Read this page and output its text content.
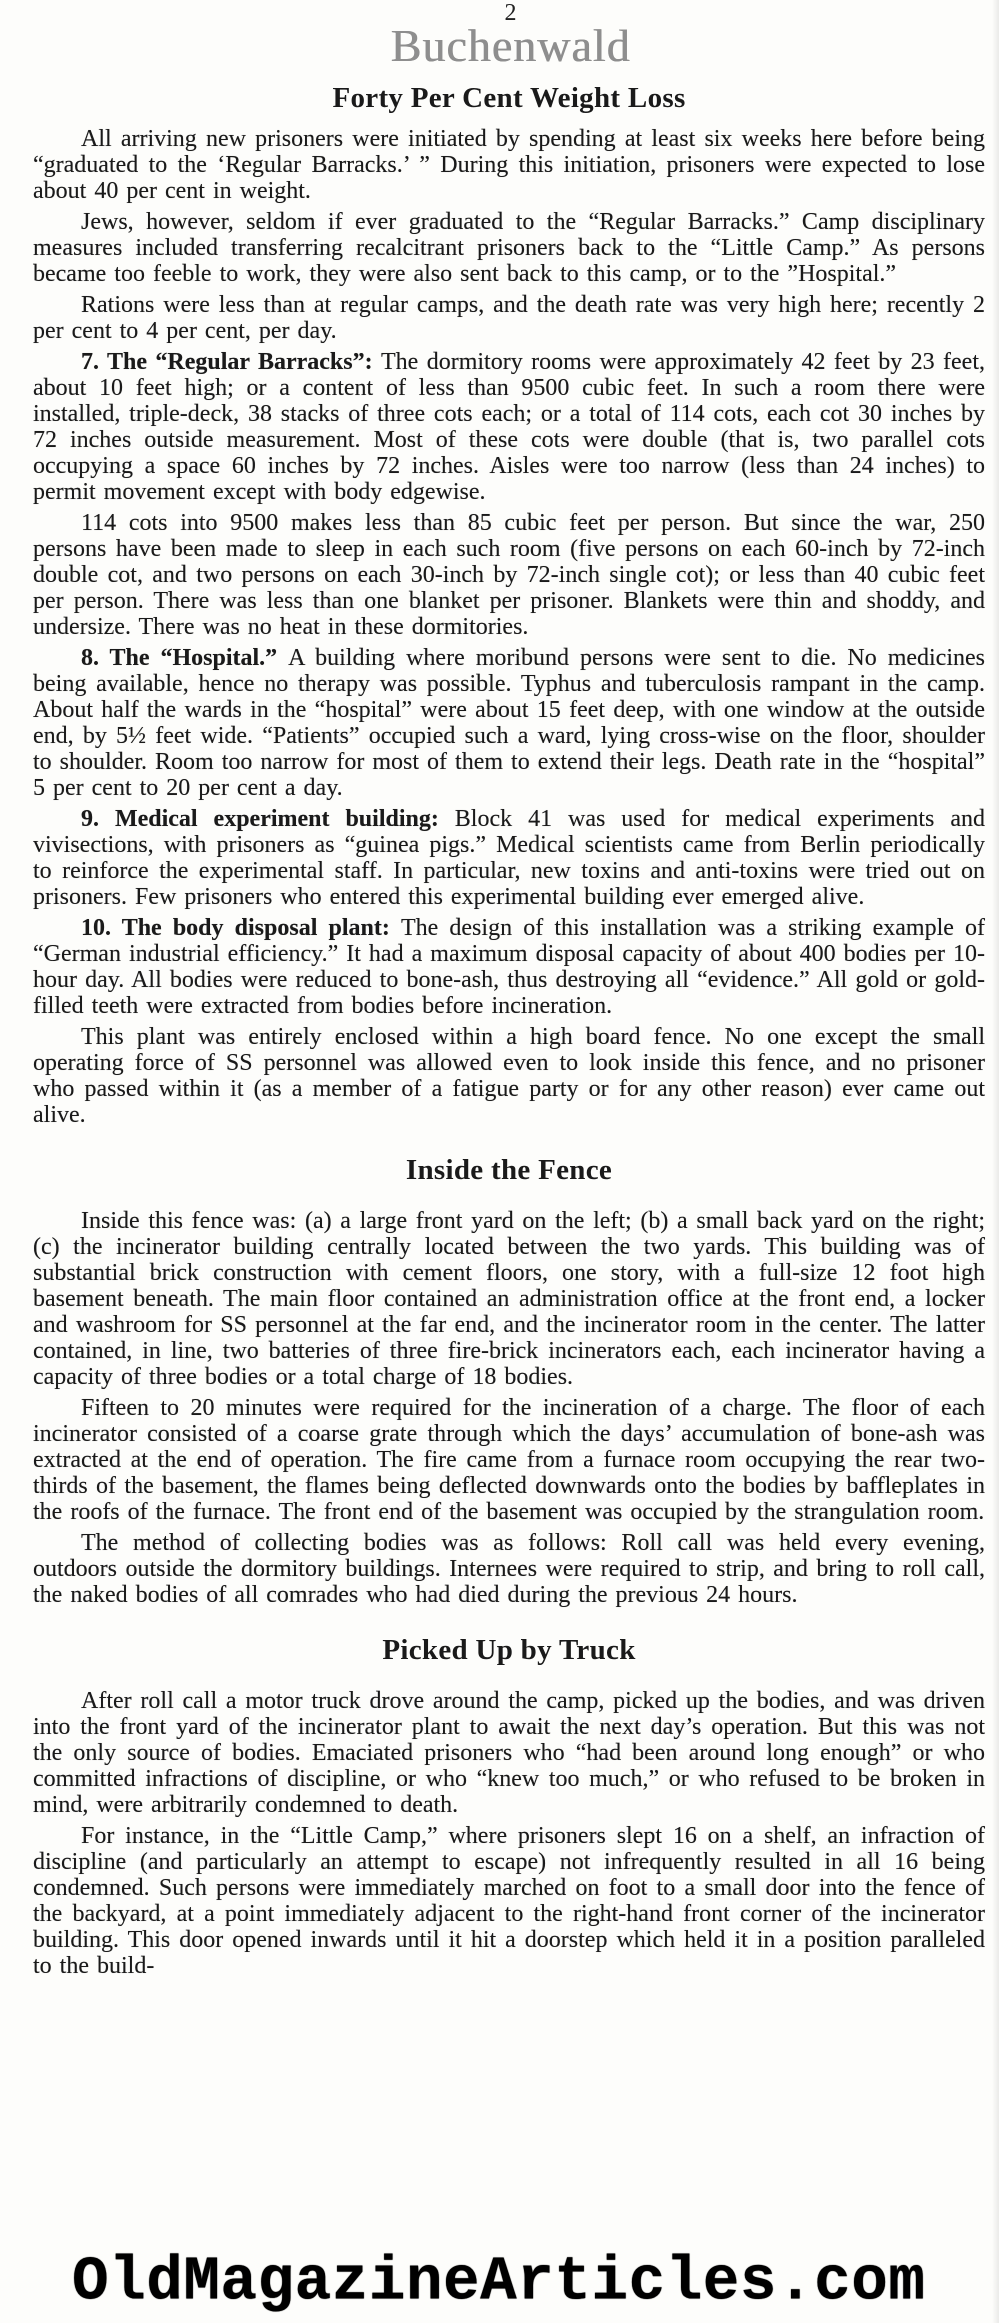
2
Buchenwald
Forty Per Cent Weight Loss

All arriving new prisoners were initiated by spending at least six weeks here before being “graduated to the ‘Regular Barracks.’ ” During this initiation, prisoners were expected to lose about 40 per cent in weight.

Jews, however, seldom if ever graduated to the “Regular Barracks.” Camp disciplinary measures included transferring recalcitrant prisoners back to the “Little Camp.” As persons became too feeble to work, they were also sent back to this camp, or to the ”Hospital.”

Rations were less than at regular camps, and the death rate was very high here; recently 2 per cent to 4 per cent, per day.

7. The “Regular Barracks”: The dormitory rooms were approximately 42 feet by 23 feet, about 10 feet high; or a content of less than 9500 cubic feet. In such a room there were installed, triple-deck, 38 stacks of three cots each; or a total of 114 cots, each cot 30 inches by 72 inches outside measurement. Most of these cots were double (that is, two parallel cots occupying a space 60 inches by 72 inches. Aisles were too narrow (less than 24 inches) to permit movement except with body edgewise.

114 cots into 9500 makes less than 85 cubic feet per person. But since the war, 250 persons have been made to sleep in each such room (five persons on each 60-inch by 72-inch double cot, and two persons on each 30-inch by 72-inch single cot); or less than 40 cubic feet per person. There was less than one blanket per prisoner. Blankets were thin and shoddy, and undersize. There was no heat in these dormitories.

8. The “Hospital.” A building where moribund persons were sent to die. No medicines being available, hence no therapy was possible. Typhus and tuberculosis rampant in the camp. About half the wards in the “hospital” were about 15 feet deep, with one window at the outside end, by 5½ feet wide. “Patients” occupied such a ward, lying cross-wise on the floor, shoulder to shoulder. Room too narrow for most of them to extend their legs. Death rate in the “hospital” 5 per cent to 20 per cent a day.

9. Medical experiment building: Block 41 was used for medical experiments and vivisections, with prisoners as “guinea pigs.” Medical scientists came from Berlin periodically to reinforce the experimental staff. In particular, new toxins and anti-toxins were tried out on prisoners. Few prisoners who entered this experimental building ever emerged alive.

10. The body disposal plant: The design of this installation was a striking example of “German industrial efficiency.” It had a maximum disposal capacity of about 400 bodies per 10-hour day. All bodies were reduced to bone-ash, thus destroying all “evidence.” All gold or gold-filled teeth were extracted from bodies before incineration.

This plant was entirely enclosed within a high board fence. No one except the small operating force of SS personnel was allowed even to look inside this fence, and no prisoner who passed within it (as a member of a fatigue party or for any other reason) ever came out alive.

Inside the Fence

Inside this fence was: (a) a large front yard on the left; (b) a small back yard on the right; (c) the incinerator building centrally located between the two yards. This building was of substantial brick construction with cement floors, one story, with a full-size 12 foot high basement beneath. The main floor contained an administration office at the front end, a locker and washroom for SS personnel at the far end, and the incinerator room in the center. The latter contained, in line, two batteries of three fire-brick incinerators each, each incinerator having a capacity of three bodies or a total charge of 18 bodies.

Fifteen to 20 minutes were required for the incineration of a charge. The floor of each incinerator consisted of a coarse grate through which the days’ accumulation of bone-ash was extracted at the end of operation. The fire came from a furnace room occupying the rear two-thirds of the basement, the flames being deflected downwards onto the bodies by baffleplates in the roofs of the furnace. The front end of the basement was occupied by the strangulation room.

The method of collecting bodies was as follows: Roll call was held every evening, outdoors outside the dormitory buildings. Internees were required to strip, and bring to roll call, the naked bodies of all comrades who had died during the previous 24 hours.

Picked Up by Truck

After roll call a motor truck drove around the camp, picked up the bodies, and was driven into the front yard of the incinerator plant to await the next day’s operation. But this was not the only source of bodies. Emaciated prisoners who “had been around long enough” or who committed infractions of discipline, or who “knew too much,” or who refused to be broken in mind, were arbitrarily condemned to death.

For instance, in the “Little Camp,” where prisoners slept 16 on a shelf, an infraction of discipline (and particularly an attempt to escape) not infrequently resulted in all 16 being condemned. Such persons were immediately marched on foot to a small door into the fence of the backyard, at a point immediately adjacent to the right-hand front corner of the incinerator building. This door opened inwards until it hit a doorstep which held it in a position paralleled to the build-

OldMagazineArticles.com
